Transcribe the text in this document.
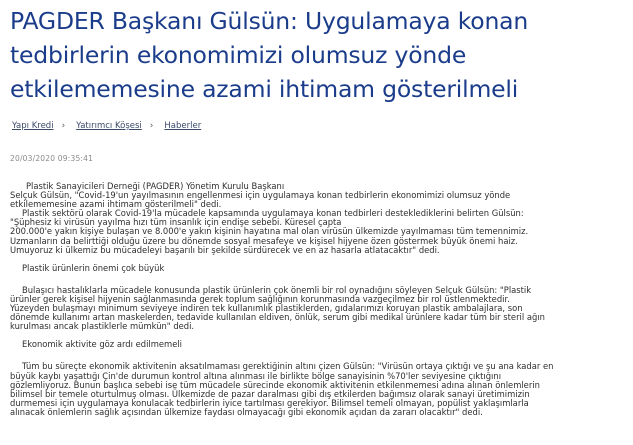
PAGDER Başkanı Gülsün: Uygulamaya konan tedbirlerin ekonomimizi olumsuz yönde etkilememesine azami ihtimam gösterilmeli
Yapı Kredi › Yatırımcı Köşesi › Haberler
20/03/2020 09:35:41

Plastik Sanayicileri Derneği (PAGDER) Yönetim Kurulu Başkanı

Selçuk Gülsün, "Covid-19'un yayılmasının engellenmesi için uygulamaya konan tedbirlerin ekonomimizi olumsuz yönde

etkilememesine azami ihtimam gösterilmeli" dedi.

Plastik sektörü olarak Covid-19'la mücadele kapsamında uygulamaya konan tedbirleri desteklediklerini belirten Gülsün:

"Şüphesiz ki virüsün yayılma hızı tüm insanlık için endişe sebebi. Küresel çapta

200.000'e yakın kişiye bulaşan ve 8.000'e yakın kişinin hayatına mal olan virüsün ülkemizde yayılmaması tüm temennimiz.

Uzmanların da belirttiği olduğu üzere bu dönemde sosyal mesafeye ve kişisel hijyene özen göstermek büyük önemi haiz.

Umuyoruz ki ülkemiz bu mücadeleyi başarılı bir şekilde sürdürecek ve en az hasarla atlatacaktır" dedi.

Plastik ürünlerin önemi çok büyük

Bulaşıcı hastalıklarla mücadele konusunda plastik ürünlerin çok önemli bir rol oynadığını söyleyen Selçuk Gülsün: "Plastik

ürünler gerek kişisel hijyenin sağlanmasında gerek toplum sağlığının korunmasında vazgeçilmez bir rol üstlenmektedir.

Yüzeyden bulaşmayı minimum seviyeye indiren tek kullanımlık plastiklerden, gıdalarımızı koruyan plastik ambalajlara, son

dönemde kullanımı artan maskelerden, tedavide kullanılan eldiven, önlük, serum gibi medikal ürünlere kadar tüm bir steril ağın

kurulması ancak plastiklerle mümkün" dedi.

Ekonomik aktivite göz ardı edilmemeli

Tüm bu süreçte ekonomik aktivitenin aksatılmaması gerektiğinin altını çizen Gülsün: "Virüsün ortaya çıktığı ve şu ana kadar en

büyük kaybı yaşattığı Çin'de durumun kontrol altına alınması ile birlikte bölge sanayisinin %70'ler seviyesine çıktığını

gözlemliyoruz. Bunun başlıca sebebi ise tüm mücadele sürecinde ekonomik aktivitenin etkilenmemesi adına alınan önlemlerin

bilimsel bir temele oturtulmuş olması. Ülkemizde de pazar daralması gibi dış etkilerden bağımsız olarak sanayi üretimimizin

durmemesi için uygulamaya konulacak tedbirlerin iyice tartılması gerekiyor. Bilimsel temeli olmayan, popülist yaklaşımlarla

alınacak önlemlerin sağlık açısından ülkemize faydası olmayacağı gibi ekonomik açıdan da zararı olacaktır" dedi.
